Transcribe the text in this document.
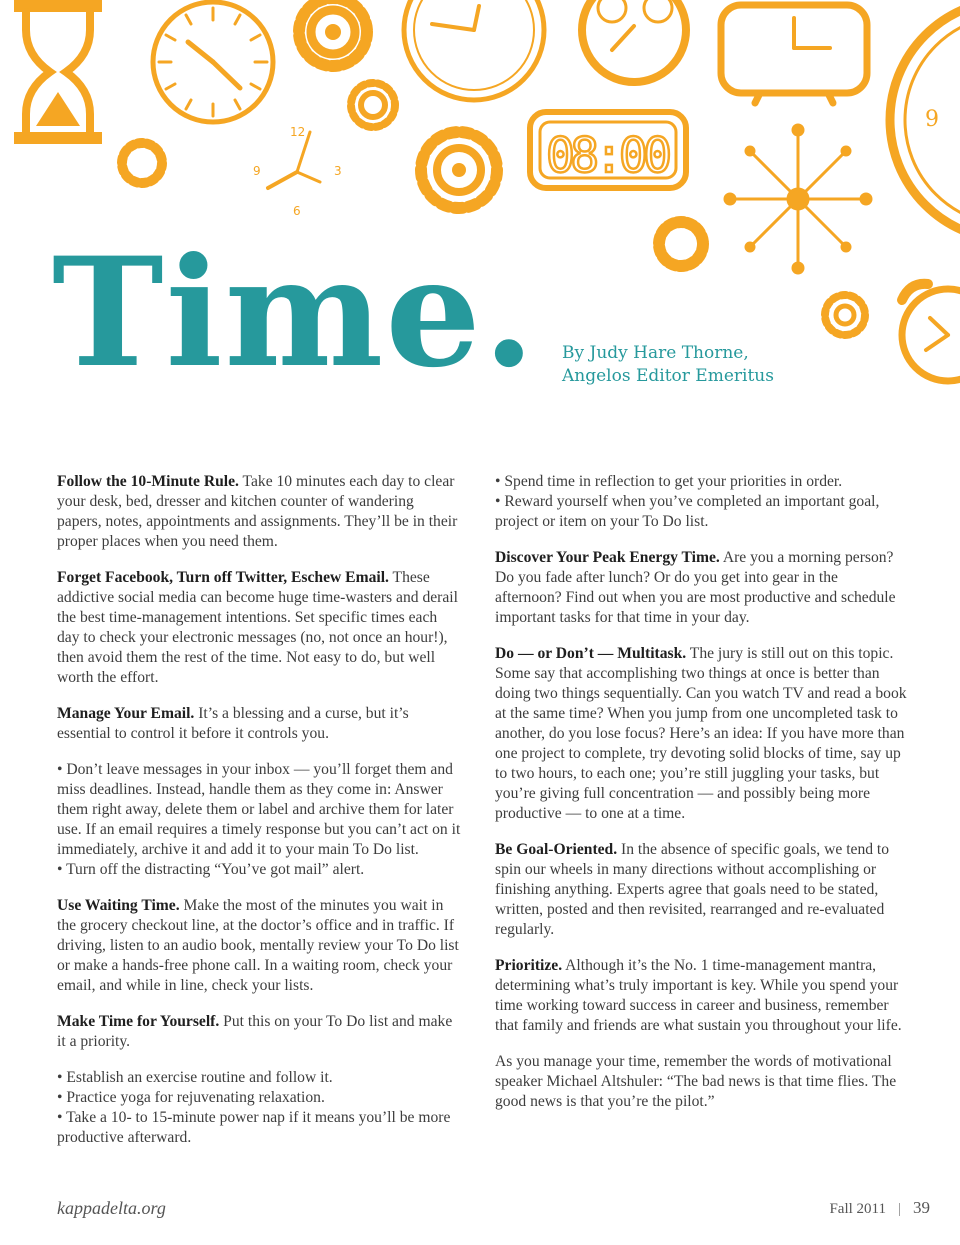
12
3
6
9	08:00
9
Time. By Judy Hare Thorne,
Angelos Editor Emeritus

Follow the 10-Minute Rule. Take 10 minutes each day to clear your desk, bed, dresser and kitchen counter of wandering papers, notes, appointments and assignments. They’ll be in their proper places when you need them.

Forget Facebook, Turn off Twitter, Eschew Email. These addictive social media can become huge time-wasters and derail the best time-management intentions. Set specific times each day to check your electronic messages (no, not once an hour!), then avoid them the rest of the time. Not easy to do, but well worth the effort.

Manage Your Email. It’s a blessing and a curse, but it’s essential to control it before it controls you.

• Don’t leave messages in your inbox — you’ll forget them and miss deadlines. Instead, handle them as they come in: Answer them right away, delete them or label and archive them for later use. If an email requires a timely response but you can’t act on it immediately, archive it and add it to your main To Do list.
• Turn off the distracting “You’ve got mail” alert.

Use Waiting Time. Make the most of the minutes you wait in the grocery checkout line, at the doctor’s office and in traffic. If driving, listen to an audio book, mentally review your To Do list or make a hands-free phone call. In a waiting room, check your email, and while in line, check your lists.

Make Time for Yourself. Put this on your To Do list and make it a priority.

• Establish an exercise routine and follow it.
• Practice yoga for rejuvenating relaxation.
• Take a 10- to 15-minute power nap if it means you’ll be more productive afterward.

• Spend time in reflection to get your priorities in order.
• Reward yourself when you’ve completed an important goal, project or item on your To Do list.

Discover Your Peak Energy Time. Are you a morning person? Do you fade after lunch? Or do you get into gear in the afternoon? Find out when you are most productive and schedule important tasks for that time in your day.

Do — or Don’t — Multitask. The jury is still out on this topic. Some say that accomplishing two things at once is better than doing two things sequentially. Can you watch TV and read a book at the same time? When you jump from one uncompleted task to another, do you lose focus? Here’s an idea: If you have more than one project to complete, try devoting solid blocks of time, say up to two hours, to each one; you’re still juggling your tasks, but you’re giving full concentration — and possibly being more productive — to one at a time.

Be Goal-Oriented. In the absence of specific goals, we tend to spin our wheels in many directions without accomplishing or finishing anything. Experts agree that goals need to be stated, written, posted and then revisited, rearranged and re-evaluated regularly.

Prioritize. Although it’s the No. 1 time-management mantra, determining what’s truly important is key. While you spend your time working toward success in career and business, remember that family and friends are what sustain you throughout your life.

As you manage your time, remember the words of motivational speaker Michael Altshuler: “The bad news is that time flies. The good news is that you’re the pilot.”

kappadelta.org	Fall 2011 | 39
